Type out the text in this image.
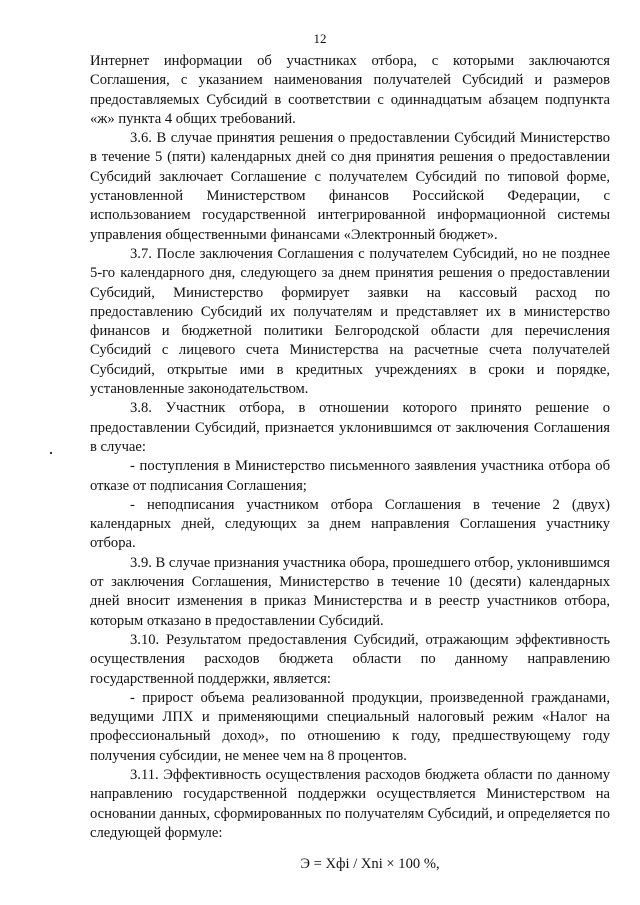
12

Интернет информации об участниках отбора, с которыми заключаются Соглашения, с указанием наименования получателей Субсидий и размеров предоставляемых Субсидий в соответствии с одиннадцатым абзацем подпункта «ж» пункта 4 общих требований.

3.6. В случае принятия решения о предоставлении Субсидий Министерство в течение 5 (пяти) календарных дней со дня принятия решения о предоставлении Субсидий заключает Соглашение с получателем Субсидий по типовой форме, установленной Министерством финансов Российской Федерации, с использованием государственной интегрированной информационной системы управления общественными финансами «Электронный бюджет».

3.7. После заключения Соглашения с получателем Субсидий, но не позднее 5-го календарного дня, следующего за днем принятия решения о предоставлении Субсидий, Министерство формирует заявки на кассовый расход по предоставлению Субсидий их получателям и представляет их в министерство финансов и бюджетной политики Белгородской области для перечисления Субсидий с лицевого счета Министерства на расчетные счета получателей Субсидий, открытые ими в кредитных учреждениях в сроки и порядке, установленные законодательством.

3.8. Участник отбора, в отношении которого принято решение о предоставлении Субсидий, признается уклонившимся от заключения Соглашения в случае:

- поступления в Министерство письменного заявления участника отбора об отказе от подписания Соглашения;

- неподписания участником отбора Соглашения в течение 2 (двух) календарных дней, следующих за днем направления Соглашения участнику отбора.

3.9. В случае признания участника обора, прошедшего отбор, уклонившимся от заключения Соглашения, Министерство в течение 10 (десяти) календарных дней вносит изменения в приказ Министерства и в реестр участников отбора, которым отказано в предоставлении Субсидий.

3.10. Результатом предоставления Субсидий, отражающим эффективность осуществления расходов бюджета области по данному направлению государственной поддержки, является:

- прирост объема реализованной продукции, произведенной гражданами, ведущими ЛПХ и применяющими специальный налоговый режим «Налог на профессиональный доход», по отношению к году, предшествующему году получения субсидии, не менее чем на 8 процентов.

3.11. Эффективность осуществления расходов бюджета области по данному направлению государственной поддержки осуществляется Министерством на основании данных, сформированных по получателям Субсидий, и определяется по следующей формуле:

Э = Хфi / Хni × 100 %,
